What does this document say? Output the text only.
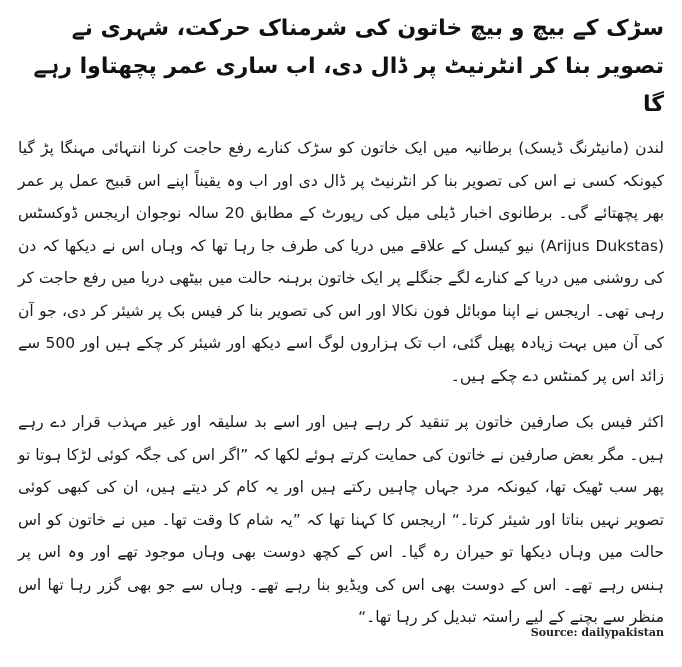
سڑک کے بیچ و بیچ خاتون کی شرمناک حرکت، شہری نے تصویر بنا کر انٹرنیٹ پر ڈال دی، اب ساری عمر پچھتاوا رہے گا

لندن (مانیٹرنگ ڈیسک) برطانیہ میں ایک خاتون کو سڑک کنارے رفع حاجت کرنا انتہائی مہنگا پڑ گیا کیونکہ کسی نے اس کی تصویر بنا کر انٹرنیٹ پر ڈال دی اور اب وہ یقیناً اپنے اس قبیح عمل پر عمر بھر پچھتائے گی۔ برطانوی اخبار ڈیلی میل کی رپورٹ کے مطابق 20 سالہ نوجوان اریجس ڈوکسٹس (Arijus Dukstas) نیو کیسل کے علاقے میں دریا کی طرف جا رہا تھا کہ وہاں اس نے دیکھا کہ دن کی روشنی میں دریا کے کنارے لگے جنگلے پر ایک خاتون برہنہ حالت میں بیٹھی دریا میں رفع حاجت کر رہی تھی۔ اریجس نے اپنا موبائل فون نکالا اور اس کی تصویر بنا کر فیس بک پر شیئر کر دی، جو آن کی آن میں بہت زیادہ پھیل گئی، اب تک ہزاروں لوگ اسے دیکھ اور شیئر کر چکے ہیں اور 500 سے زائد اس پر کمنٹس دے چکے ہیں۔

اکثر فیس بک صارفین خاتون پر تنقید کر رہے ہیں اور اسے بد سلیقہ اور غیر مہذب قرار دے رہے ہیں۔ مگر بعض صارفین نے خاتون کی حمایت کرتے ہوئے لکھا کہ ”اگر اس کی جگہ کوئی لڑکا ہوتا تو پھر سب ٹھیک تھا، کیونکہ مرد جہاں چاہیں رکتے ہیں اور یہ کام کر دیتے ہیں، ان کی کبھی کوئی تصویر نہیں بناتا اور شیئر کرتا۔“ اریجس کا کہنا تھا کہ ”یہ شام کا وقت تھا۔ میں نے خاتون کو اس حالت میں وہاں دیکھا تو حیران رہ گیا۔ اس کے کچھ دوست بھی وہاں موجود تھے اور وہ اس پر ہنس رہے تھے۔ اس کے دوست بھی اس کی ویڈیو بنا رہے تھے۔ وہاں سے جو بھی گزر رہا تھا اس منظر سے بچنے کے لیے راستہ تبدیل کر رہا تھا۔“

Source: dailypakistan
